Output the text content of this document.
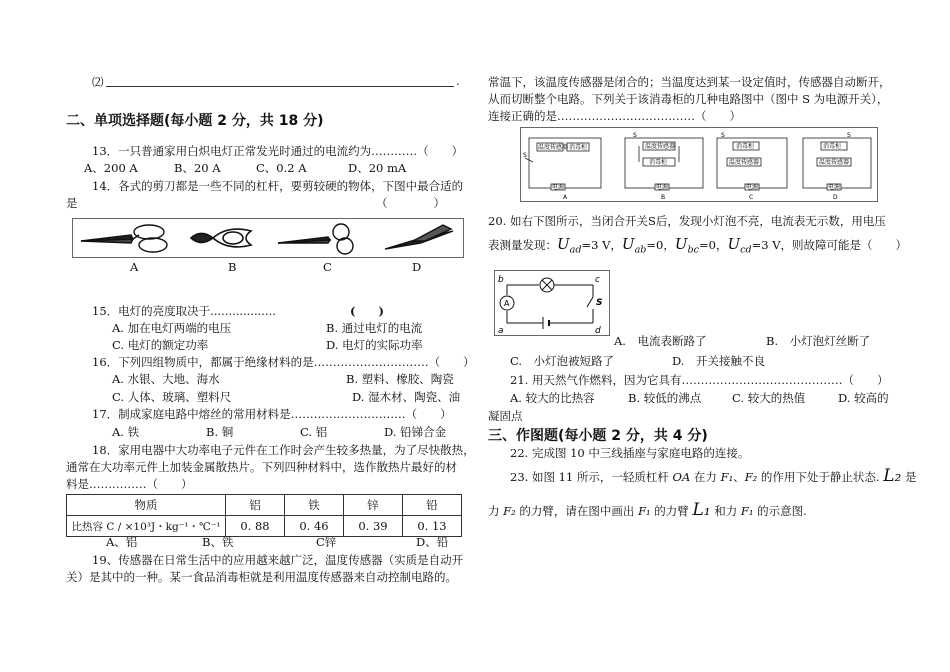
⑵	.
二、单项选择题(每小题 2 分，共 18 分)
13．一只普通家用白炽电灯正常发光时通过的电流约为…………（　　）
A、200 A	B、20 A	C、0.2 A	D、20 mA
14．各式的剪刀都是一些不同的杠杆，要剪较硬的物体，下图中最合适的
是	（　　　　）
A	B	C	D
15．电灯的亮度取决于..................	(　　)
A. 加在电灯两端的电压	B. 通过电灯的电流
C. 电灯的额定功率	D. 电灯的实际功率
16．下列四组物质中，都属于绝缘材料的是…………………………（　　）
A. 水银、大地、海水	B. 塑料、橡胶、陶瓷
C. 人体、玻璃、塑料尺	D. 湿木材、陶瓷、油
17．制成家庭电路中熔丝的常用材料是…………………………（　　）
A. 铁	B. 铜	C. 铝	D. 铅锑合金
18．家用电器中大功率电子元件在工作时会产生较多热量，为了尽快散热，
通常在大功率元件上加装金属散热片。下列四种材料中，选作散热片最好的材
料是……………（　　）
物质	铝	铁	锌	铅
比热容 C / ×10³J・kg⁻¹・℃⁻¹	0. 88	0. 46	0. 39	0. 13
A、铝	B、铁	C锌	D、铅
19、传感器在日常生活中的应用越来越广泛，温度传感器（实质是自动开
关）是其中的一种。某一食品消毒柜就是利用温度传感器来自动控制电路的。
常温下，该温度传感器是闭合的；当温度达到某一设定值时，传感器自动断开，
从而切断整个电路。下列关于该消毒柜的几种电路图中（图中 S 为电源开关），
连接正确的是………………………………（　　）
温度传感器 消毒柜
电源
S
A
温度传感器
消毒柜
电源
S
B
消毒柜
温度传感器
电源
S
C
消毒柜
温度传感器
电源
S
D
20. 如右下图所示，当闭合开关S后，发现小灯泡不亮，电流表无示数，用电压
表测量发现：$U_{ad}=3$ V，$U_{ab}=0$，$U_{bc}=0$，$U_{cd}=3$ V，则故障可能是（　　）
A
b	c
a	d
S
A.　电流表断路了	B.　小灯泡灯丝断了
C.　小灯泡被短路了	D.　开关接触不良
21. 用天然气作燃料，因为它具有……………………………………（　　）
A. 较大的比热容	B. 较低的沸点	C. 较大的热值	D. 较高的
凝固点
三、作图题(每小题 2 分，共 4 分)
22. 完成图 10 中三线插座与家庭电路的连接。
23. 如图 11 所示，一轻质杠杆 OA 在力 F₁、F₂ 的作用下处于静止状态. L₂ 是
力 F₂ 的力臂，请在图中画出 F₁ 的力臂 L₁ 和力 F₁ 的示意图.
